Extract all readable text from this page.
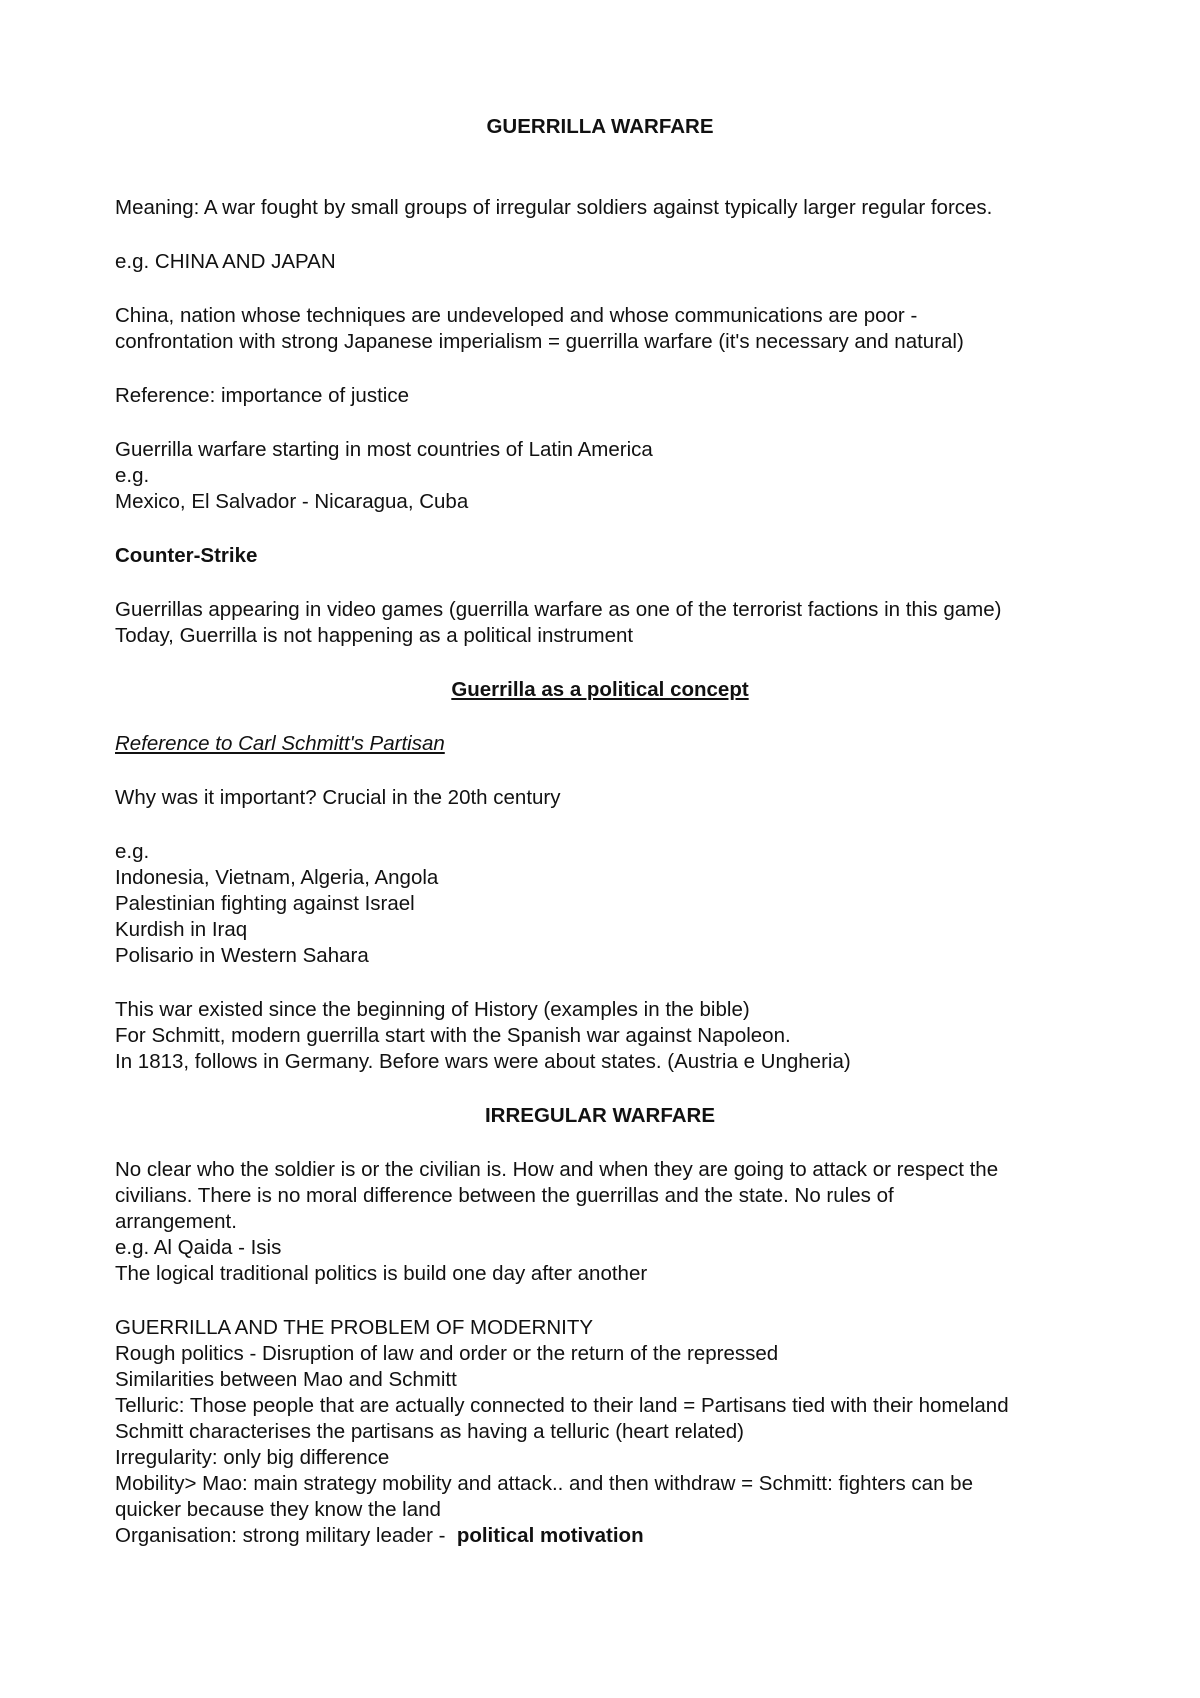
GUERRILLA WARFARE
Meaning: A war fought by small groups of irregular soldiers against typically larger regular forces.
e.g. CHINA AND JAPAN
China, nation whose techniques are undeveloped and whose communications are poor -
confrontation with strong Japanese imperialism = guerrilla warfare (it's necessary and natural)
Reference: importance of justice
Guerrilla warfare starting in most countries of Latin America
e.g.
Mexico, El Salvador - Nicaragua, Cuba
Counter-Strike
Guerrillas appearing in video games (guerrilla warfare as one of the terrorist factions in this game)
Today, Guerrilla is not happening as a political instrument
Guerrilla as a political concept
Reference to Carl Schmitt's Partisan
Why was it important? Crucial in the 20th century
e.g.
Indonesia, Vietnam, Algeria, Angola
Palestinian fighting against Israel
Kurdish in Iraq
Polisario in Western Sahara
This war existed since the beginning of History (examples in the bible)
For Schmitt, modern guerrilla start with the Spanish war against Napoleon.
In 1813, follows in Germany. Before wars were about states. (Austria e Ungheria)
IRREGULAR WARFARE
No clear who the soldier is or the civilian is. How and when they are going to attack or respect the
civilians. There is no moral difference between the guerrillas and the state. No rules of
arrangement.
e.g. Al Qaida - Isis
The logical traditional politics is build one day after another
GUERRILLA AND THE PROBLEM OF MODERNITY
Rough politics - Disruption of law and order or the return of the repressed
Similarities between Mao and Schmitt
Telluric: Those people that are actually connected to their land = Partisans tied with their homeland
Schmitt characterises the partisans as having a telluric (heart related)
Irregularity: only big difference
Mobility> Mao: main strategy mobility and attack.. and then withdraw = Schmitt: fighters can be
quicker because they know the land
Organisation: strong military leader -  political motivation
